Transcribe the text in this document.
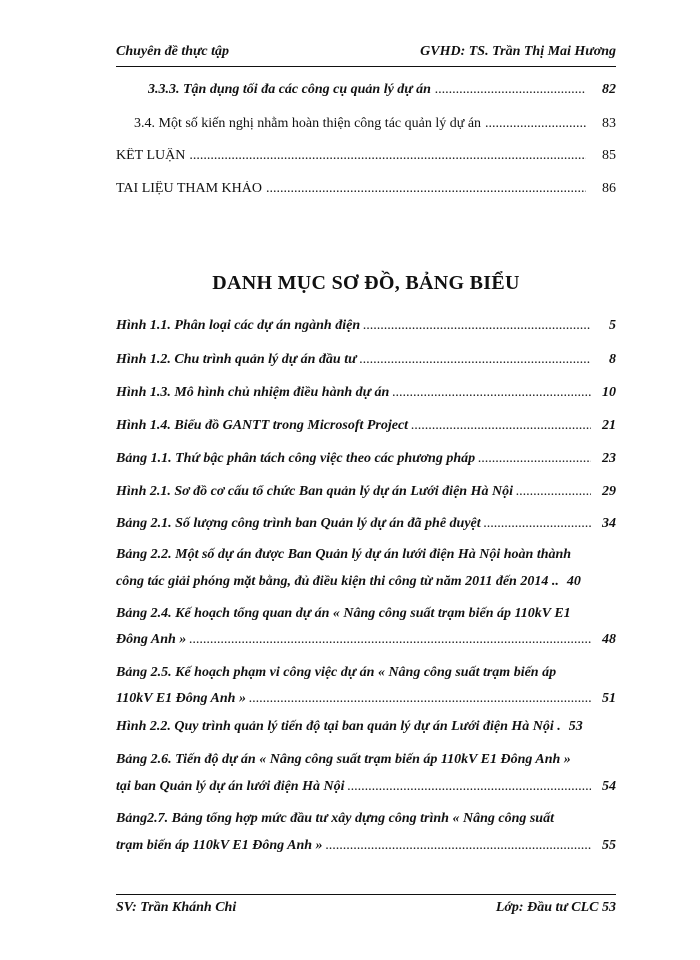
Chuyên đề thực tập	GVHD: TS. Trần Thị Mai Hương
3.3.3. Tận dụng tối đa các công cụ quản lý dự án .....	82
3.4. Một số kiến nghị nhằm hoàn thiện công tác quản lý dự án .....	83
KẾT LUẬN .....	85
TAI LIỆU THAM KHẢO .....	86
DANH MỤC SƠ ĐỒ, BẢNG BIỂU
Hình 1.1. Phân loại các dự án ngành điện .....	5
Hình 1.2. Chu trình quản lý dự án đầu tư .....	8
Hình 1.3. Mô hình chủ nhiệm điều hành dự án .....	10
Hình 1.4. Biểu đồ GANTT trong Microsoft Project .....	21
Bảng 1.1. Thứ bậc phân tách công việc theo các phương pháp .....	23
Hình 2.1. Sơ đồ cơ cấu tổ chức Ban quản lý dự án Lưới điện Hà Nội .....	29
Bảng 2.1. Số lượng công trình ban Quản lý dự án đã phê duyệt .....	34
Bảng 2.2. Một số dự án được Ban Quản lý dự án lưới điện Hà Nội hoàn thành
công tác giải phóng mặt bằng, đủ điều kiện thi công từ năm 2011 đến 2014 .. 40
Bảng 2.4. Kế hoạch tổng quan dự án « Nâng công suất trạm biến áp 110kV E1
Đông Anh » .....	48
Bảng 2.5. Kế hoạch phạm vi công việc dự án « Nâng công suất trạm biến áp
110kV E1 Đông Anh » .....	51
Hình 2.2. Quy trình quản lý tiến độ tại ban quản lý dự án Lưới điện Hà Nội . 53
Bảng 2.6. Tiến độ dự án « Nâng công suất trạm biến áp 110kV E1 Đông Anh »
tại ban Quản lý dự án lưới điện Hà Nội .....	54
Bảng2.7. Bảng tổng hợp mức đầu tư xây dựng công trình « Nâng công suất
trạm biến áp 110kV E1 Đông Anh » .....	55
SV: Trần Khánh Chi	Lớp: Đầu tư CLC 53
